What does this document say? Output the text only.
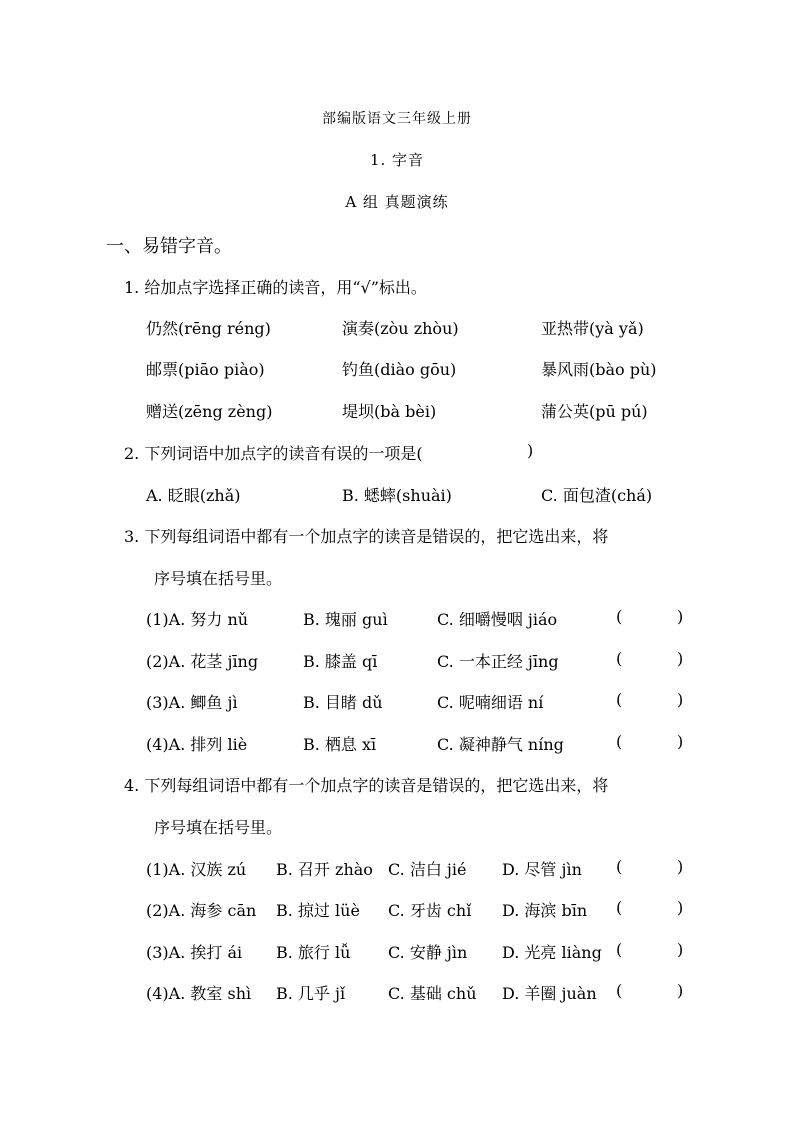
部编版语文三年级上册
1. 字音
A 组 真题演练
一、易错字音。
1. 给加点字选择正确的读音，用“√”标出。
仍然(rēng réng)	演奏(zòu zhòu)	亚热带(yà yǎ)
邮票(piāo piào)	钓鱼(diào gōu)	暴风雨(bào pù)
赠送(zēng zèng)	堤坝(bà bèi)	蒲公英(pū pú)
2. 下列词语中加点字的读音有误的一项是(	)
A. 眨眼(zhǎ)	B. 蟋蟀(shuài)	C. 面包渣(chá)
3. 下列每组词语中都有一个加点字的读音是错误的，把它选出来，将
序号填在括号里。
(1)A. 努力 nǔ	B. 瑰丽 guì	C. 细嚼慢咽 jiáo	(	)
(2)A. 花茎 jīng	B. 膝盖 qī	C. 一本正经 jīng	(	)
(3)A. 鲫鱼 jì	B. 目睹 dǔ	C. 呢喃细语 ní	(	)
(4)A. 排列 liè	B. 栖息 xī	C. 凝神静气 níng	(	)
4. 下列每组词语中都有一个加点字的读音是错误的，把它选出来，将
序号填在括号里。
(1)A. 汉族 zú B. 召开 zhào C. 洁白 jié D. 尽管 jìn (	)
(2)A. 海参 cān B. 掠过 lüè C. 牙齿 chǐ D. 海滨 bīn (	)
(3)A. 挨打 ái B. 旅行 lǚ C. 安静 jìn D. 光亮 liàng (	)
(4)A. 教室 shì B. 几乎 jǐ	C. 基础 chǔ D. 羊圈 juàn (	)
